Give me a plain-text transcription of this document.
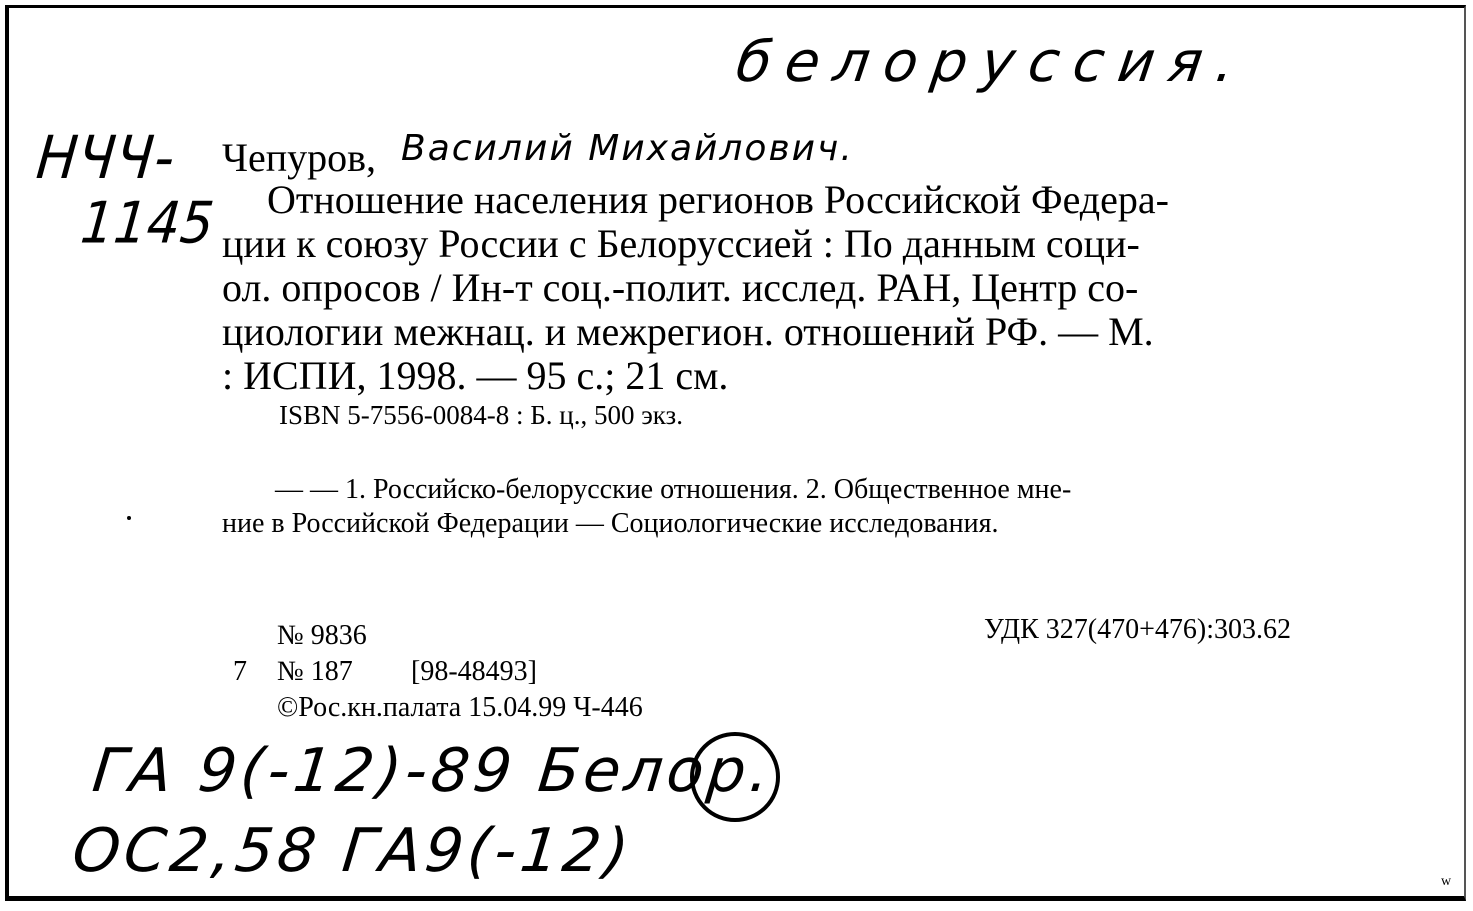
белоруссия.
НЧЧ-
1145
Чепуров, Василий Михайлович.
Отношение населения регионов Российской Федера-
ции к союзу России с Белоруссией : По данным соци-
ол. опросов / Ин-т соц.-полит. исслед. РАН, Центр со-
циологии межнац. и межрегион. отношений РФ. — М.
: ИСПИ, 1998. — 95 с.; 21 см.
ISBN 5-7556-0084-8 : Б. ц., 500 экз.
— — 1. Российско-белорусские отношения. 2. Общественное мне-
ние в Российской Федерации — Социологические исследования.
№ 9836	УДК 327(470+476):303.62
7 № 187 [98-48493]
©Рос.кн.палата 15.04.99 Ч-446
ГА 9(-12)-89 Белор.
ОС2,58 ГА9(-12)	w
